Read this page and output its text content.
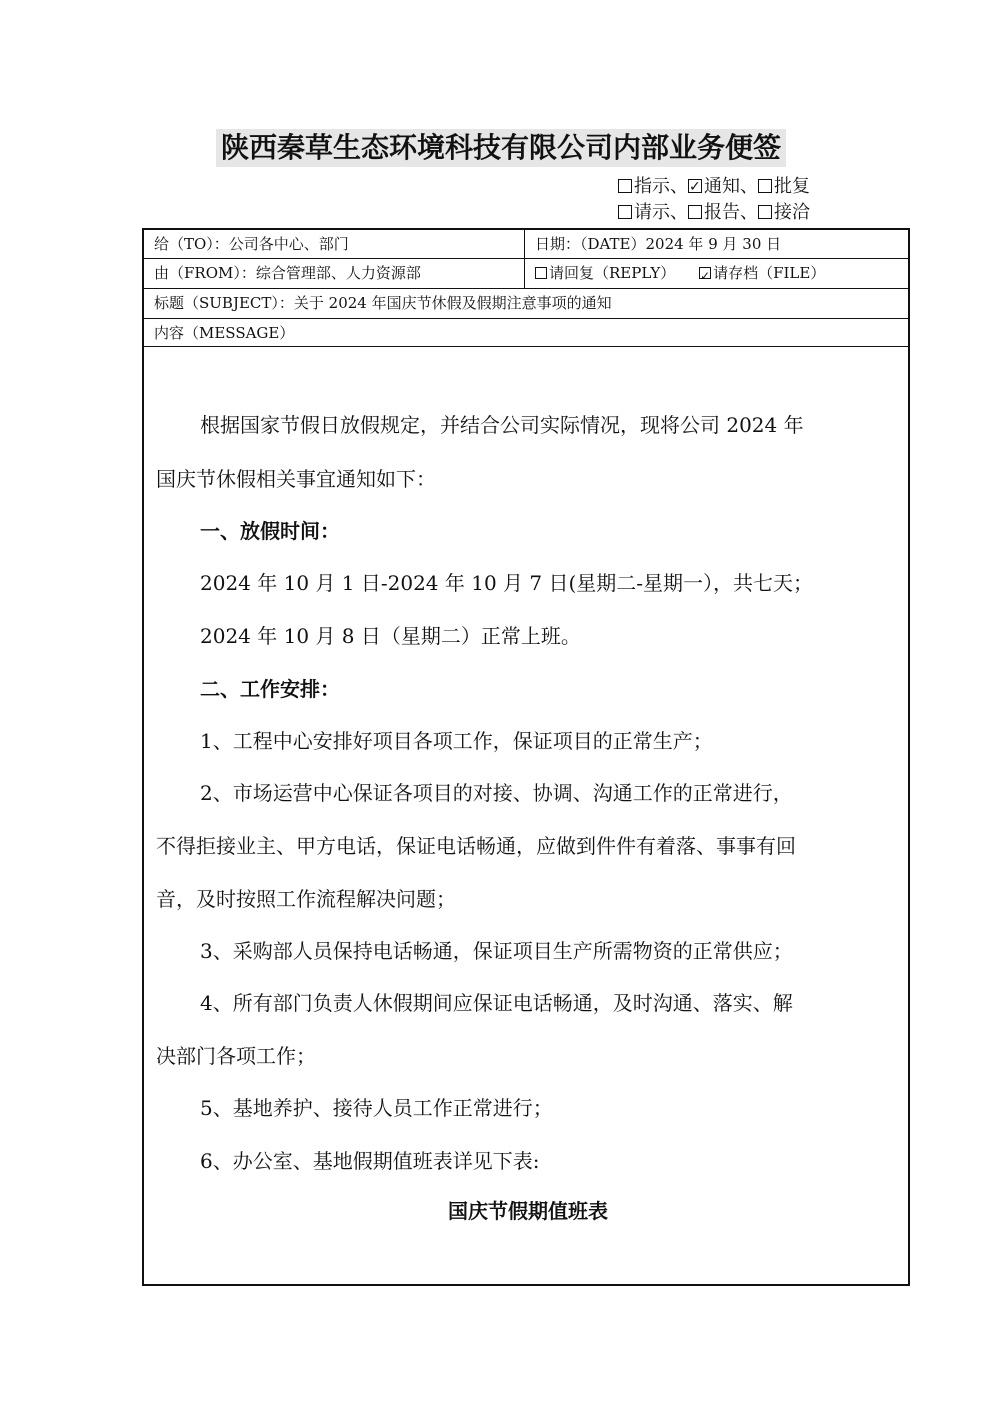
陕西秦草生态环境科技有限公司内部业务便签
指示、 ✓ 通知、 批复
请示、 报告、 接洽
给（TO）：公司各中心、部门	日期：（DATE）2024 年 9 月 30 日
由（FROM）：综合管理部、人力资源部	请回复（REPLY） ✓	请存档（FILE）
标题（SUBJECT）：关于 2024 年国庆节休假及假期注意事项的通知
内容（MESSAGE）
根据国家节假日放假规定，并结合公司实际情况，现将公司 2024 年
国庆节休假相关事宜通知如下：
一、放假时间：
2024 年 10 月 1 日-2024 年 10 月 7 日(星期二-星期一），共七天；
2024 年 10 月 8 日（星期二）正常上班。
二、工作安排：
1、工程中心安排好项目各项工作，保证项目的正常生产；
2、市场运营中心保证各项目的对接、协调、沟通工作的正常进行，
不得拒接业主、甲方电话，保证电话畅通，应做到件件有着落、事事有回
音，及时按照工作流程解决问题；
3、采购部人员保持电话畅通，保证项目生产所需物资的正常供应；
4、所有部门负责人休假期间应保证电话畅通，及时沟通、落实、解
决部门各项工作；
5、基地养护、接待人员工作正常进行；
6、办公室、基地假期值班表详见下表:
国庆节假期值班表
